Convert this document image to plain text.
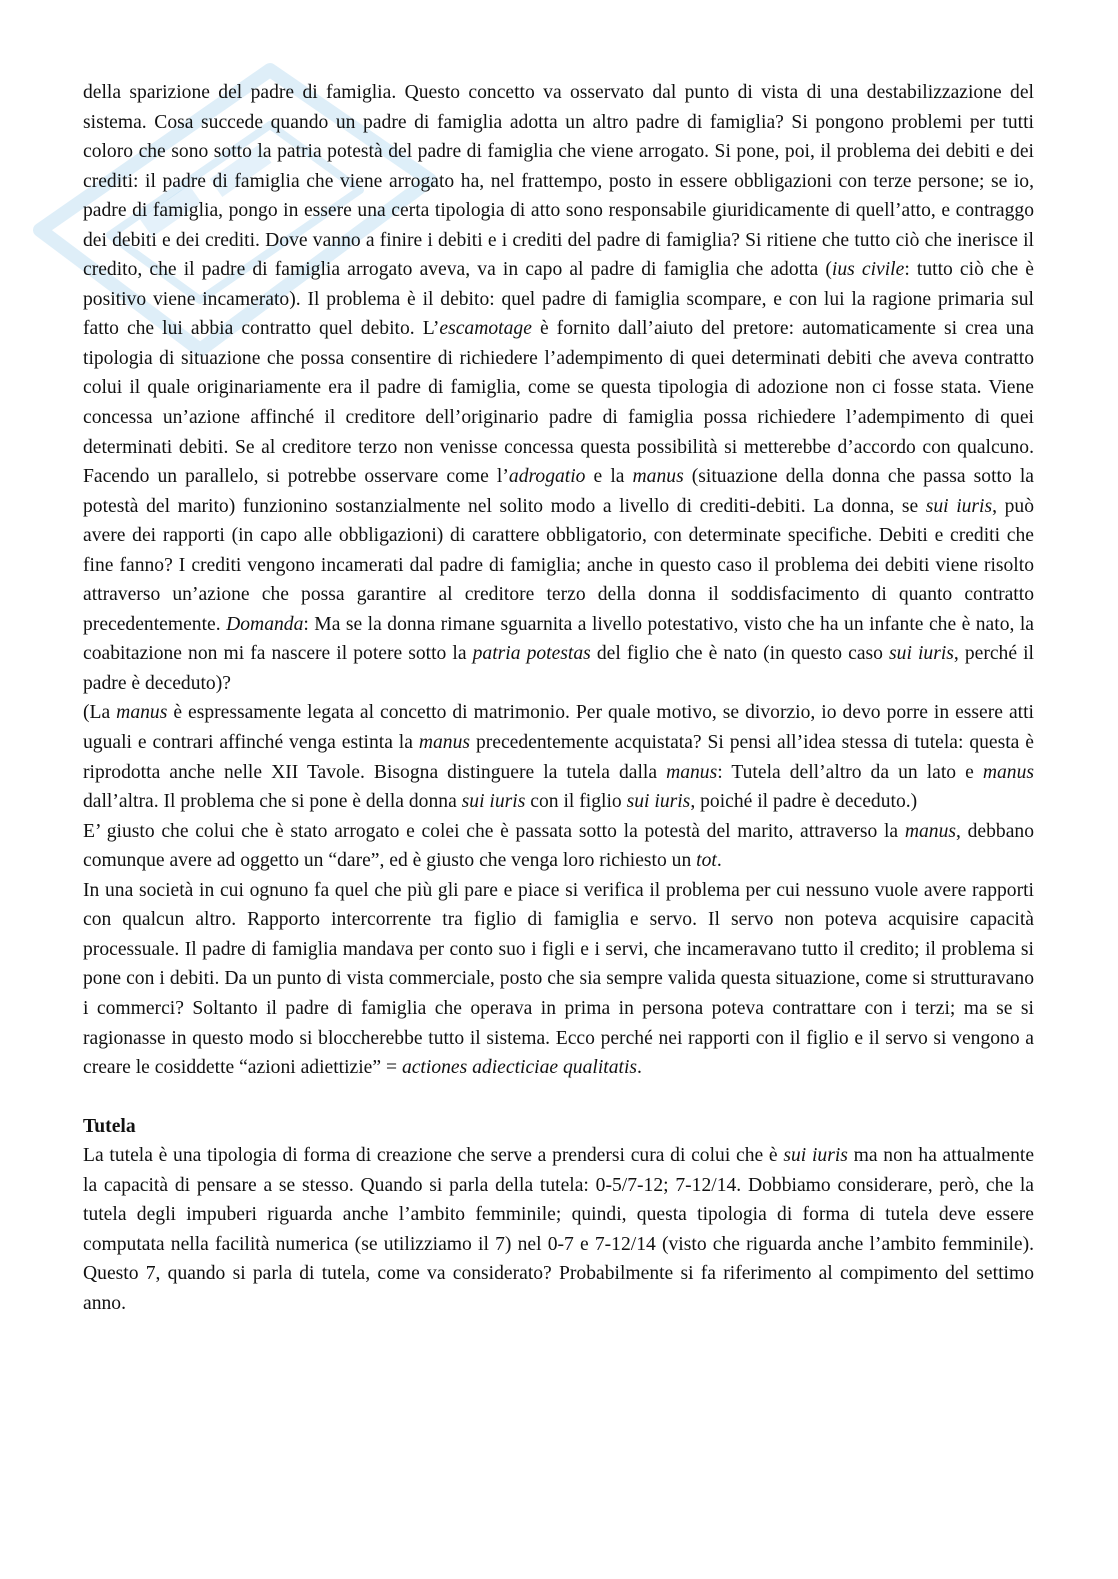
della sparizione del padre di famiglia. Questo concetto va osservato dal punto di vista di una destabilizzazione del sistema. Cosa succede quando un padre di famiglia adotta un altro padre di famiglia? Si pongono problemi per tutti coloro che sono sotto la patria potestà del padre di famiglia che viene arrogato. Si pone, poi, il problema dei debiti e dei crediti: il padre di famiglia che viene arrogato ha, nel frattempo, posto in essere obbligazioni con terze persone; se io, padre di famiglia, pongo in essere una certa tipologia di atto sono responsabile giuridicamente di quell’atto, e contraggo dei debiti e dei crediti. Dove vanno a finire i debiti e i crediti del padre di famiglia? Si ritiene che tutto ciò che inerisce il credito, che il padre di famiglia arrogato aveva, va in capo al padre di famiglia che adotta (ius civile: tutto ciò che è positivo viene incamerato). Il problema è il debito: quel padre di famiglia scompare, e con lui la ragione primaria sul fatto che lui abbia contratto quel debito. L’escamotage è fornito dall’aiuto del pretore: automaticamente si crea una tipologia di situazione che possa consentire di richiedere l’adempimento di quei determinati debiti che aveva contratto colui il quale originariamente era il padre di famiglia, come se questa tipologia di adozione non ci fosse stata. Viene concessa un’azione affinché il creditore dell’originario padre di famiglia possa richiedere l’adempimento di quei determinati debiti. Se al creditore terzo non venisse concessa questa possibilità si metterebbe d’accordo con qualcuno. Facendo un parallelo, si potrebbe osservare come l’adrogatio e la manus (situazione della donna che passa sotto la potestà del marito) funzionino sostanzialmente nel solito modo a livello di crediti-debiti. La donna, se sui iuris, può avere dei rapporti (in capo alle obbligazioni) di carattere obbligatorio, con determinate specifiche. Debiti e crediti che fine fanno? I crediti vengono incamerati dal padre di famiglia; anche in questo caso il problema dei debiti viene risolto attraverso un’azione che possa garantire al creditore terzo della donna il soddisfacimento di quanto contratto precedentemente. Domanda: Ma se la donna rimane sguarnita a livello potestativo, visto che ha un infante che è nato, la coabitazione non mi fa nascere il potere sotto la patria potestas del figlio che è nato (in questo caso sui iuris, perché il padre è deceduto)?

(La manus è espressamente legata al concetto di matrimonio. Per quale motivo, se divorzio, io devo porre in essere atti uguali e contrari affinché venga estinta la manus precedentemente acquistata? Si pensi all’idea stessa di tutela: questa è riprodotta anche nelle XII Tavole. Bisogna distinguere la tutela dalla manus: Tutela dell’altro da un lato e manus dall’altra. Il problema che si pone è della donna sui iuris con il figlio sui iuris, poiché il padre è deceduto.)

E’ giusto che colui che è stato arrogato e colei che è passata sotto la potestà del marito, attraverso la manus, debbano comunque avere ad oggetto un “dare”, ed è giusto che venga loro richiesto un tot.

In una società in cui ognuno fa quel che più gli pare e piace si verifica il problema per cui nessuno vuole avere rapporti con qualcun altro. Rapporto intercorrente tra figlio di famiglia e servo. Il servo non poteva acquisire capacità processuale. Il padre di famiglia mandava per conto suo i figli e i servi, che incameravano tutto il credito; il problema si pone con i debiti. Da un punto di vista commerciale, posto che sia sempre valida questa situazione, come si strutturavano i commerci? Soltanto il padre di famiglia che operava in prima in persona poteva contrattare con i terzi; ma se si ragionasse in questo modo si bloccherebbe tutto il sistema. Ecco perché nei rapporti con il figlio e il servo si vengono a creare le cosiddette “azioni adiettizie” = actiones adiecticiae qualitatis.

Tutela

La tutela è una tipologia di forma di creazione che serve a prendersi cura di colui che è sui iuris ma non ha attualmente la capacità di pensare a se stesso. Quando si parla della tutela: 0-5/7-12; 7-12/14. Dobbiamo considerare, però, che la tutela degli impuberi riguarda anche l’ambito femminile; quindi, questa tipologia di forma di tutela deve essere computata nella facilità numerica (se utilizziamo il 7) nel 0-7 e 7-12/14 (visto che riguarda anche l’ambito femminile). Questo 7, quando si parla di tutela, come va considerato? Probabilmente si fa riferimento al compimento del settimo anno.
